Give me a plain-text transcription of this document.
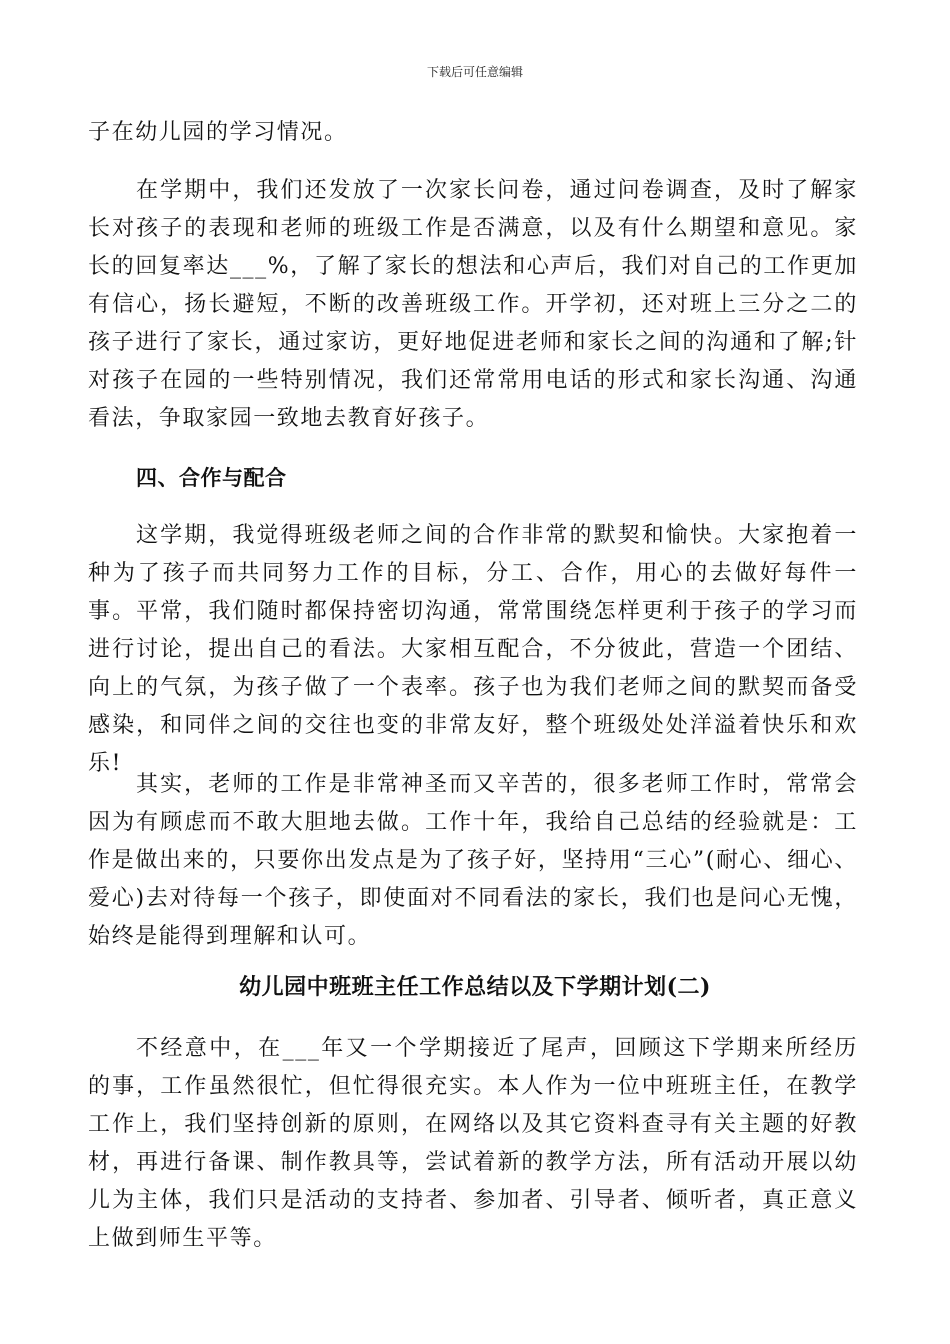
下载后可任意编辑

子在幼儿园的学习情况。

在学期中，我们还发放了一次家长问卷，通过问卷调查，及时了解家长对孩子的表现和老师的班级工作是否满意，以及有什么期望和意见。家长的回复率达___%，了解了家长的想法和心声后，我们对自己的工作更加有信心，扬长避短，不断的改善班级工作。开学初，还对班上三分之二的孩子进行了家长，通过家访，更好地促进老师和家长之间的沟通和了解;针对孩子在园的一些特别情况，我们还常常用电话的形式和家长沟通、沟通看法，争取家园一致地去教育好孩子。

四、合作与配合

这学期，我觉得班级老师之间的合作非常的默契和愉快。大家抱着一种为了孩子而共同努力工作的目标，分工、合作，用心的去做好每件一事。平常，我们随时都保持密切沟通，常常围绕怎样更利于孩子的学习而进行讨论，提出自己的看法。大家相互配合，不分彼此，营造一个团结、向上的气氛，为孩子做了一个表率。孩子也为我们老师之间的默契而备受感染，和同伴之间的交往也变的非常友好，整个班级处处洋溢着快乐和欢乐!

其实，老师的工作是非常神圣而又辛苦的，很多老师工作时，常常会因为有顾虑而不敢大胆地去做。工作十年，我给自己总结的经验就是：工作是做出来的，只要你出发点是为了孩子好，坚持用“三心”(耐心、细心、爱心)去对待每一个孩子，即使面对不同看法的家长，我们也是问心无愧，始终是能得到理解和认可。

幼儿园中班班主任工作总结以及下学期计划(二)

不经意中，在___年又一个学期接近了尾声，回顾这下学期来所经历的事，工作虽然很忙，但忙得很充实。本人作为一位中班班主任，在教学工作上，我们坚持创新的原则，在网络以及其它资料查寻有关主题的好教材，再进行备课、制作教具等，尝试着新的教学方法，所有活动开展以幼儿为主体，我们只是活动的支持者、参加者、引导者、倾听者，真正意义上做到师生平等。
